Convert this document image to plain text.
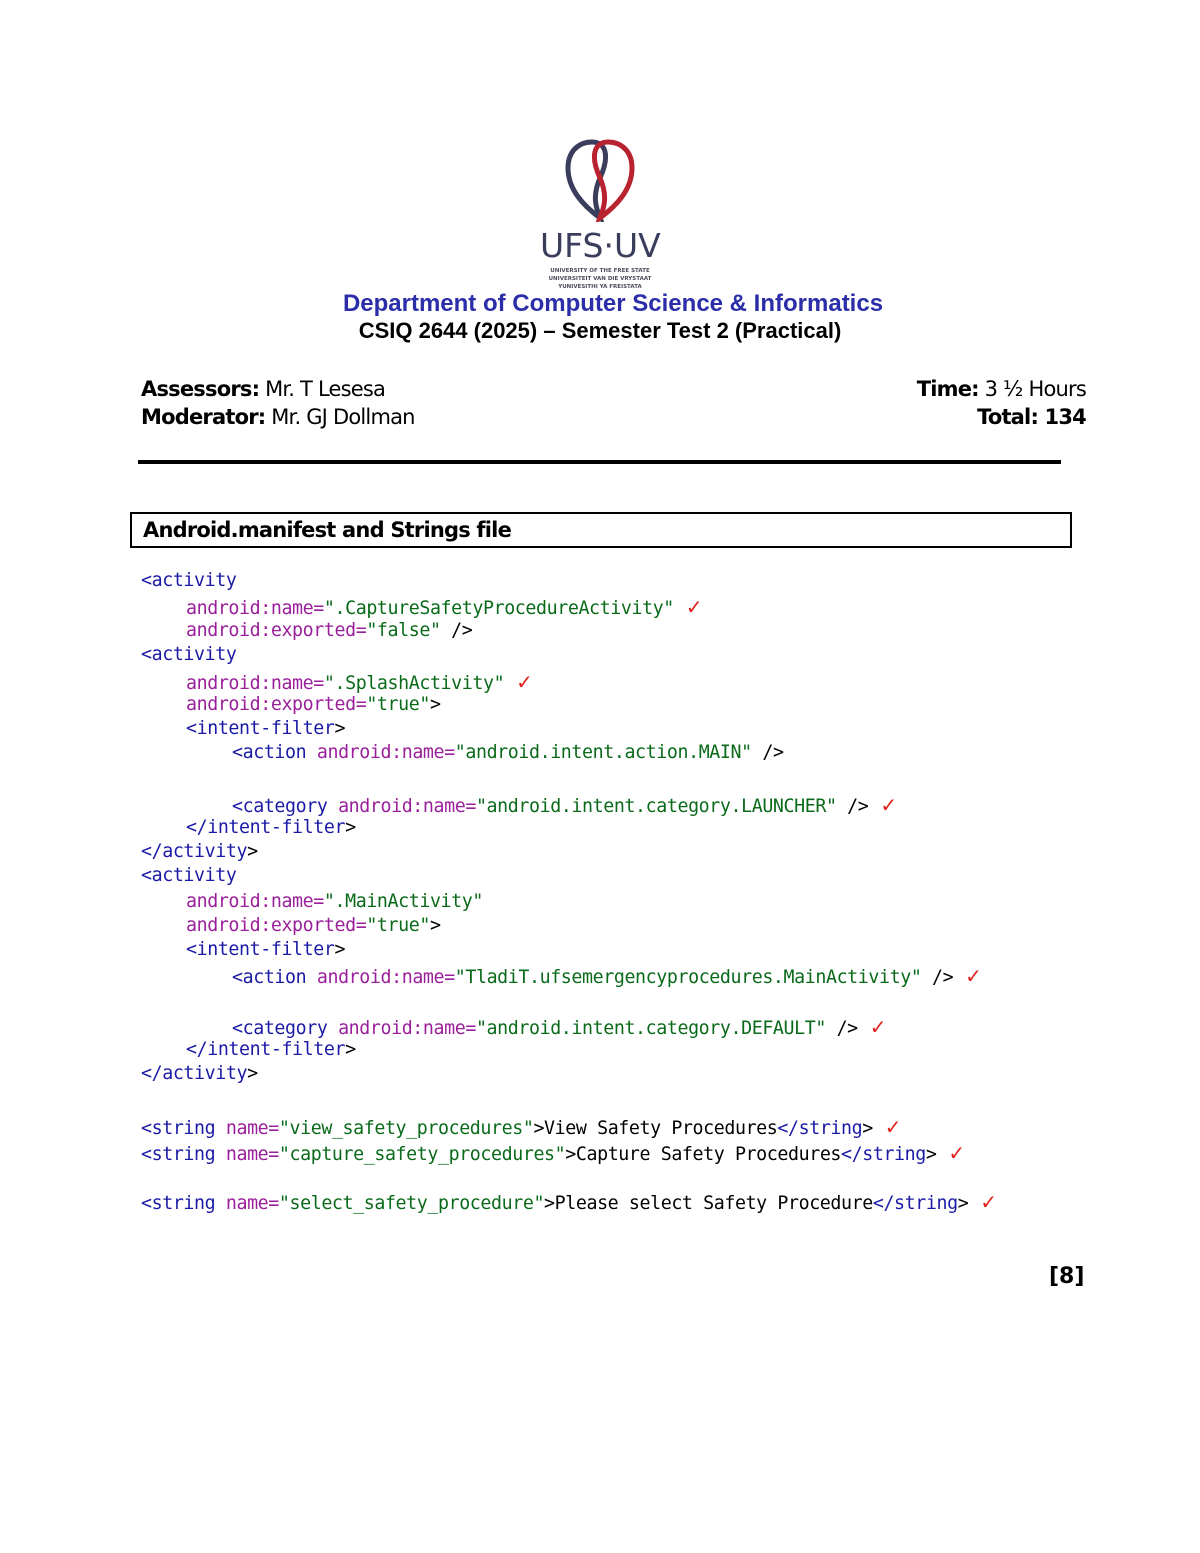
UFS·UV
UNIVERSITY OF THE FREE STATE
UNIVERSITEIT VAN DIE VRYSTAAT
YUNIVESITHI YA FREISTATA
Department of Computer Science & Informatics
CSIQ 2644 (2025) – Semester Test 2 (Practical)
Assessors: Mr. T Lesesa
Moderator: Mr. GJ Dollman
Time: 3 ½ Hours
Total: 134
Android.manifest and Strings file
<activity
android:name=".CaptureSafetyProcedureActivity"  ✓
android:exported="false" />
<activity
android:name=".SplashActivity"  ✓
android:exported="true">
<intent-filter>
<action android:name="android.intent.action.MAIN" />
<category android:name="android.intent.category.LAUNCHER" />  ✓
</intent-filter>
</activity>
<activity
android:name=".MainActivity"
android:exported="true">
<intent-filter>
<action android:name="TladiT.ufsemergencyprocedures.MainActivity" />  ✓
<category android:name="android.intent.category.DEFAULT" />  ✓
</intent-filter>
</activity>
<string name="view_safety_procedures">View Safety Procedures</string>  ✓
<string name="capture_safety_procedures">Capture Safety Procedures</string>  ✓
<string name="select_safety_procedure">Please select Safety Procedure</string>  ✓
[8]
